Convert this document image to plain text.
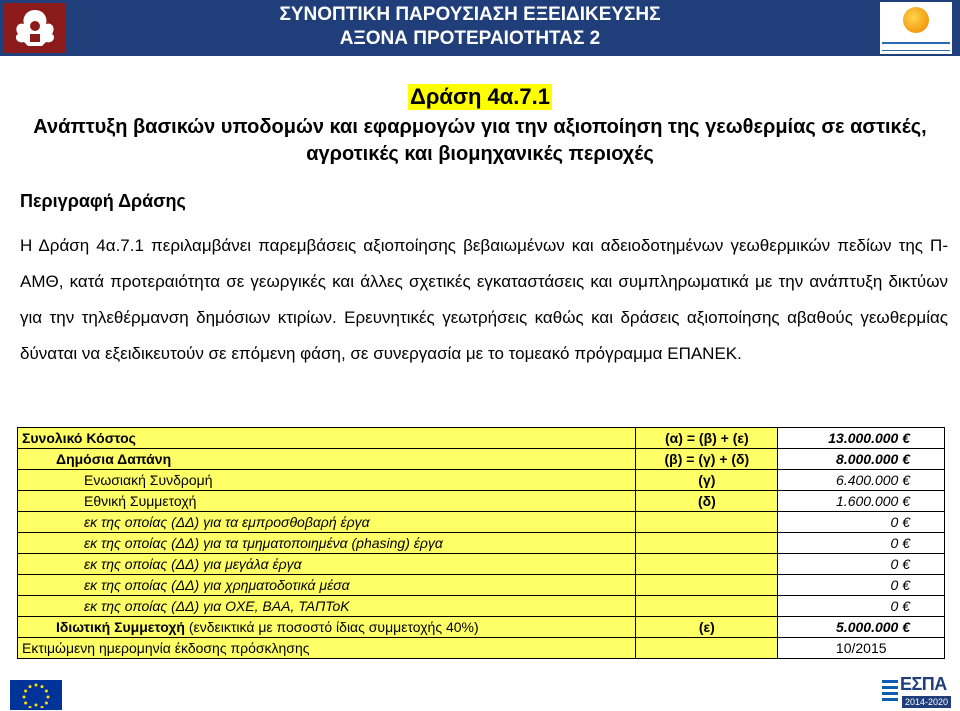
ΣΥΝΟΠΤΙΚΗ ΠΑΡΟΥΣΙΑΣΗ ΕΞΕΙΔΙΚΕΥΣΗΣ
ΑΞΟΝΑ ΠΡΟΤΕΡΑΙΟΤΗΤΑΣ 2
Δράση 4α.7.1
Ανάπτυξη βασικών υποδομών και εφαρμογών για την αξιοποίηση της γεωθερμίας σε αστικές, αγροτικές και βιομηχανικές περιοχές
Περιγραφή Δράσης
Η Δράση 4α.7.1 περιλαμβάνει παρεμβάσεις αξιοποίησης βεβαιωμένων και αδειοδοτημένων γεωθερμικών πεδίων της Π-ΑΜΘ, κατά προτεραιότητα σε γεωργικές και άλλες σχετικές εγκαταστάσεις και συμπληρωματικά με την ανάπτυξη δικτύων για την τηλεθέρμανση δημόσιων κτιρίων. Ερευνητικές γεωτρήσεις καθώς και δράσεις αξιοποίησης αβαθούς γεωθερμίας δύναται να εξειδικευτούν σε επόμενη φάση, σε συνεργασία με το τομεακό πρόγραμμα ΕΠΑΝΕΚ.
Συνολικό Κόστος	(α) = (β) + (ε)	13.000.000 €
Δημόσια Δαπάνη	(β) = (γ) + (δ)	8.000.000 €
Ενωσιακή Συνδρομή	(γ)	6.400.000 €
Εθνική Συμμετοχή	(δ)	1.600.000 €
εκ της οποίας (ΔΔ) για τα εμπροσθοβαρή έργα		0 €
εκ της οποίας (ΔΔ) για τα τμηματοποιημένα (phasing) έργα		0 €
εκ της οποίας (ΔΔ) για μεγάλα έργα		0 €
εκ της οποίας (ΔΔ) για χρηματοδοτικά μέσα		0 €
εκ της οποίας (ΔΔ) για ΟΧΕ, ΒΑΑ, ΤΑΠΤοΚ		0 €
Ιδιωτική Συμμετοχή (ενδεικτικά με ποσοστό ίδιας συμμετοχής 40%)	(ε)	5.000.000 €
Εκτιμώμενη ημερομηνία έκδοσης πρόσκλησης		10/2015
ΕΣΠΑ
2014-2020
